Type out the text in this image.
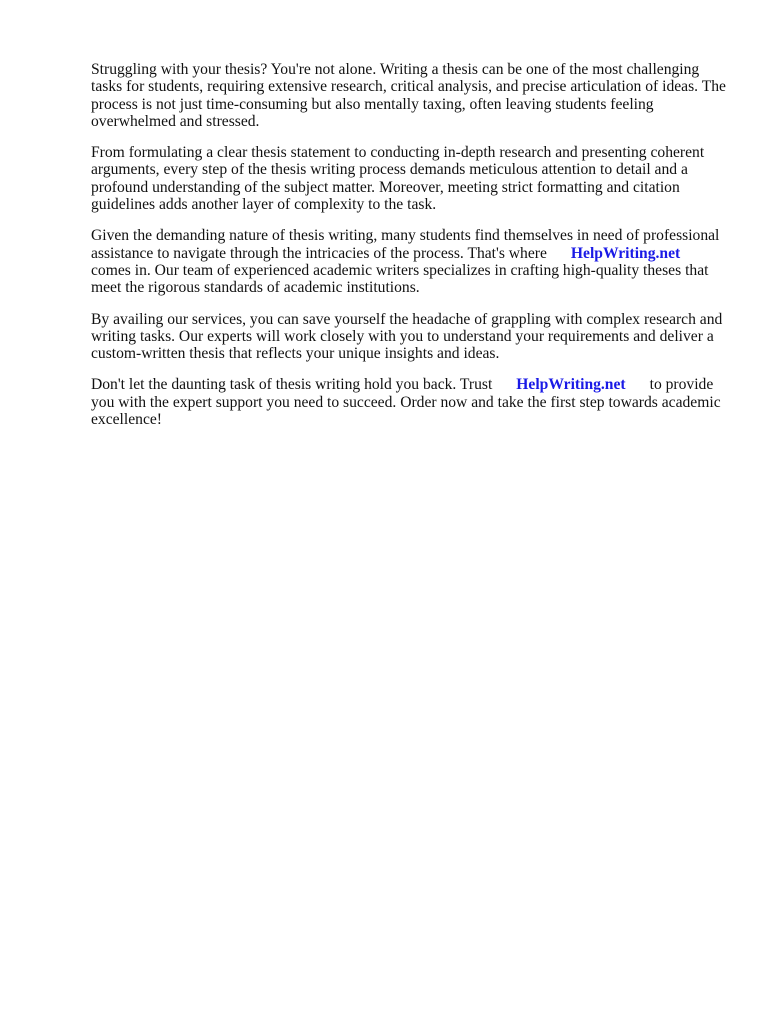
Struggling with your thesis? You're not alone. Writing a thesis can be one of the most challenging tasks for students, requiring extensive research, critical analysis, and precise articulation of ideas. The process is not just time-consuming but also mentally taxing, often leaving students feeling overwhelmed and stressed.

From formulating a clear thesis statement to conducting in-depth research and presenting coherent arguments, every step of the thesis writing process demands meticulous attention to detail and a profound understanding of the subject matter. Moreover, meeting strict formatting and citation guidelines adds another layer of complexity to the task.

Given the demanding nature of thesis writing, many students find themselves in need of professional assistance to navigate through the intricacies of the process. That's where HelpWriting.net
comes in. Our team of experienced academic writers specializes in crafting high-quality theses that meet the rigorous standards of academic institutions.

By availing our services, you can save yourself the headache of grappling with complex research and writing tasks. Our experts will work closely with you to understand your requirements and deliver a custom-written thesis that reflects your unique insights and ideas.

Don't let the daunting task of thesis writing hold you back. Trust HelpWriting.net to provide you with the expert support you need to succeed. Order now and take the first step towards academic excellence!
